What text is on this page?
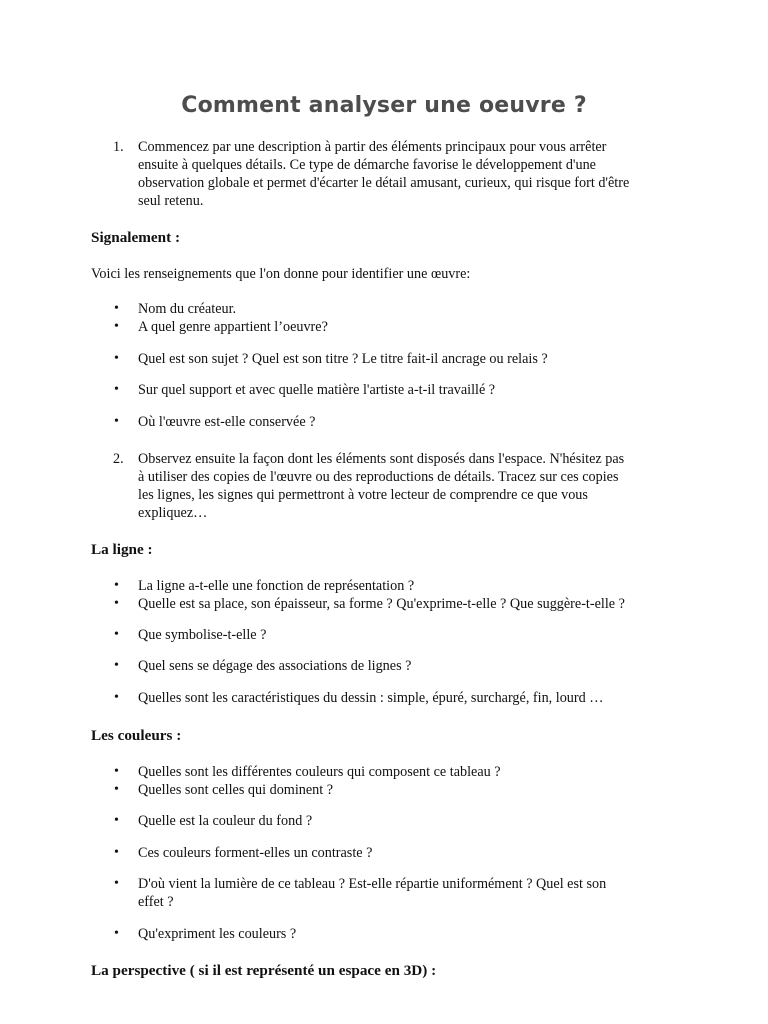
Comment analyser une oeuvre ?
1. Commencez par une description à partir des éléments principaux pour vous arrêter
ensuite à quelques détails. Ce type de démarche favorise le développement d'une
observation globale et permet d'écarter le détail amusant, curieux, qui risque fort d'être
seul retenu.
Signalement :
Voici les renseignements que l'on donne pour identifier une œuvre:
• Nom du créateur.
• A quel genre appartient l’oeuvre?
• Quel est son sujet ? Quel est son titre ? Le titre fait-il ancrage ou relais ?
• Sur quel support et avec quelle matière l'artiste a-t-il travaillé ?
• Où l'œuvre est-elle conservée ?
2. Observez ensuite la façon dont les éléments sont disposés dans l'espace. N'hésitez pas
à utiliser des copies de l'œuvre ou des reproductions de détails. Tracez sur ces copies
les lignes, les signes qui permettront à votre lecteur de comprendre ce que vous
expliquez…
La ligne :
• La ligne a-t-elle une fonction de représentation ?
• Quelle est sa place, son épaisseur, sa forme ? Qu'exprime-t-elle ? Que suggère-t-elle ?
• Que symbolise-t-elle ?
• Quel sens se dégage des associations de lignes ?
• Quelles sont les caractéristiques du dessin : simple, épuré, surchargé, fin, lourd …
Les couleurs :
• Quelles sont les différentes couleurs qui composent ce tableau ?
• Quelles sont celles qui dominent ?
• Quelle est la couleur du fond ?
• Ces couleurs forment-elles un contraste ?
• D'où vient la lumière de ce tableau ? Est-elle répartie uniformément ? Quel est son
effet ?
• Qu'expriment les couleurs ?
La perspective ( si il est représenté un espace en 3D) :
